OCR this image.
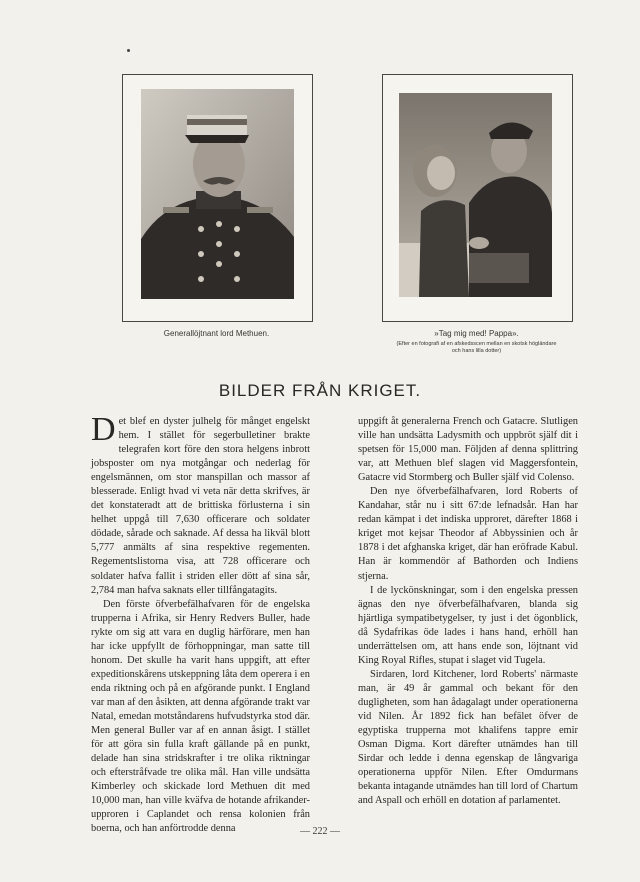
Generallöjtnant lord Methuen.	»Tag mig med! Pappa».
(Efter en fotografi af en afskedsscen mellan en skotsk högländare och hans lilla dotter)
BILDER FRÅN KRIGET.

Det blef en dyster julhelg för månget engelskt hem. I stället för segerbulletiner brakte telegrafen kort före den stora helgens inbrott jobsposter om nya motgångar och nederlag för engelsmännen, om stor manspillan och massor af blesserade. Enligt hvad vi veta när detta skrifves, är det konstateradt att de brittiska förlusterna i sin helhet uppgå till 7,630 officerare och soldater dödade, sårade och saknade. Af dessa ha likväl blott 5,777 anmälts af sina respektive regementen. Regementslistorna visa, att 728 officerare och soldater hafva fallit i striden eller dött af sina sår, 2,784 man hafva saknats eller tillfångatagits.

Den förste öfverbefälhafvaren för de engelska trupperna i Afrika, sir Henry Redvers Buller, hade rykte om sig att vara en duglig härförare, men han har icke uppfyllt de förhoppningar, man satte till honom. Det skulle ha varit hans uppgift, att efter expeditionskårens utskeppning låta dem operera i en enda riktning och på en afgörande punkt. I England var man af den åsikten, att denna afgörande trakt var Natal, emedan motståndarens hufvudstyrka stod där. Men general Buller var af en annan åsigt. I stället för att göra sin fulla kraft gällande på en punkt, delade han sina stridskrafter i tre olika riktningar och efterstråfvade tre olika mål. Han ville undsätta Kimberley och skickade lord Methuen dit med 10,000 man, han ville kväfva de hotande afrikander-upproren i Caplandet och rensa kolonien från boerna, och han anförtrodde denna

uppgift åt generalerna French och Gatacre. Slutligen ville han undsätta Ladysmith och uppbröt själf dit i spetsen för 15,000 man. Följden af denna splittring var, att Methuen blef slagen vid Maggersfontein, Gatacre vid Stormberg och Buller själf vid Colenso.

Den nye öfverbefälhafvaren, lord Roberts of Kandahar, står nu i sitt 67:de lefnadsår. Han har redan kämpat i det indiska upproret, därefter 1868 i kriget mot kejsar Theodor af Abbyssinien och år 1878 i det afghanska kriget, där han eröfrade Kabul. Han är kommendör af Bathorden och Indiens stjerna.

I de lyckönskningar, som i den engelska pressen ägnas den nye öfverbefälhafvaren, blanda sig hjärtliga sympatibetygelser, ty just i det ögonblick, då Sydafrikas öde lades i hans hand, erhöll han underrättelsen om, att hans ende son, löjtnant vid King Royal Rifles, stupat i slaget vid Tugela.

Sirdaren, lord Kitchener, lord Roberts' närmaste man, är 49 år gammal och bekant för den dugligheten, som han ådagalagt under operationerna vid Nilen. År 1892 fick han befälet öfver de egyptiska trupperna mot khalifens tappre emir Osman Digma. Kort därefter utnämdes han till Sirdar och ledde i denna egenskap de långvariga operationerna uppför Nilen. Efter Omdurmans bekanta intagande utnämdes han till lord of Chartum and Aspall och erhöll en dotation af parlamentet.

— 222 —
